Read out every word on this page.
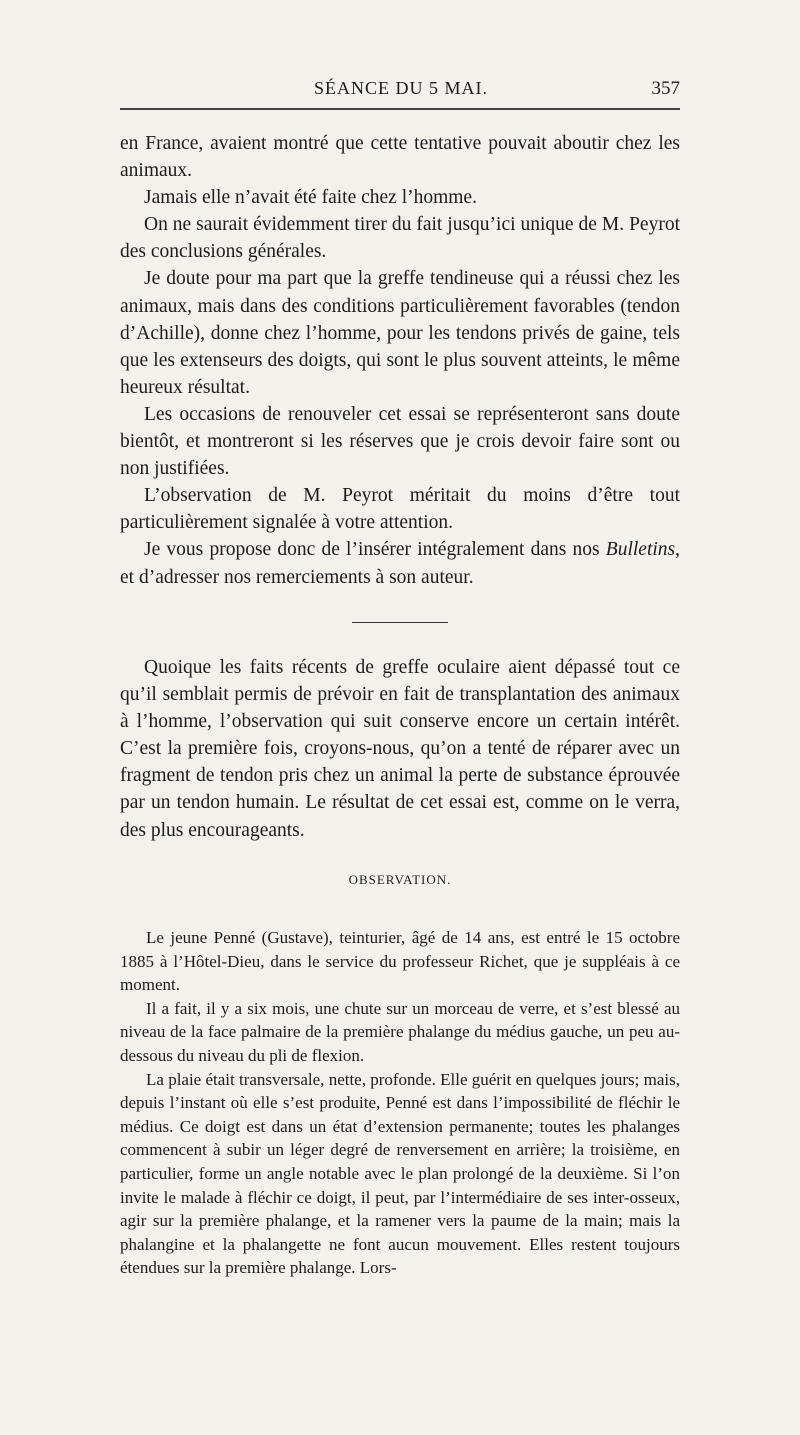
SÉANCE DU 5 MAI.	357

en France, avaient montré que cette tentative pouvait aboutir chez les animaux.

Jamais elle n’avait été faite chez l’homme.

On ne saurait évidemment tirer du fait jusqu’ici unique de M. Peyrot des conclusions générales.

Je doute pour ma part que la greffe tendineuse qui a réussi chez les animaux, mais dans des conditions particulièrement favorables (tendon d’Achille), donne chez l’homme, pour les tendons privés de gaine, tels que les extenseurs des doigts, qui sont le plus souvent atteints, le même heureux résultat.

Les occasions de renouveler cet essai se représenteront sans doute bientôt, et montreront si les réserves que je crois devoir faire sont ou non justifiées.

L’observation de M. Peyrot méritait du moins d’être tout particulièrement signalée à votre attention.

Je vous propose donc de l’insérer intégralement dans nos Bulletins, et d’adresser nos remerciements à son auteur.

Quoique les faits récents de greffe oculaire aient dépassé tout ce qu’il semblait permis de prévoir en fait de transplantation des animaux à l’homme, l’observation qui suit conserve encore un certain intérêt. C’est la première fois, croyons-nous, qu’on a tenté de réparer avec un fragment de tendon pris chez un animal la perte de substance éprouvée par un tendon humain. Le résultat de cet essai est, comme on le verra, des plus encourageants.

OBSERVATION.

Le jeune Penné (Gustave), teinturier, âgé de 14 ans, est entré le 15 octobre 1885 à l’Hôtel-Dieu, dans le service du professeur Richet, que je suppléais à ce moment.

Il a fait, il y a six mois, une chute sur un morceau de verre, et s’est blessé au niveau de la face palmaire de la première phalange du médius gauche, un peu au-dessous du niveau du pli de flexion.

La plaie était transversale, nette, profonde. Elle guérit en quelques jours; mais, depuis l’instant où elle s’est produite, Penné est dans l’impossibilité de fléchir le médius. Ce doigt est dans un état d’extension permanente; toutes les phalanges commencent à subir un léger degré de renversement en arrière; la troisième, en particulier, forme un angle notable avec le plan prolongé de la deuxième. Si l’on invite le malade à fléchir ce doigt, il peut, par l’intermédiaire de ses inter-osseux, agir sur la première phalange, et la ramener vers la paume de la main; mais la phalangine et la phalangette ne font aucun mouvement. Elles restent toujours étendues sur la première phalange. Lors-
